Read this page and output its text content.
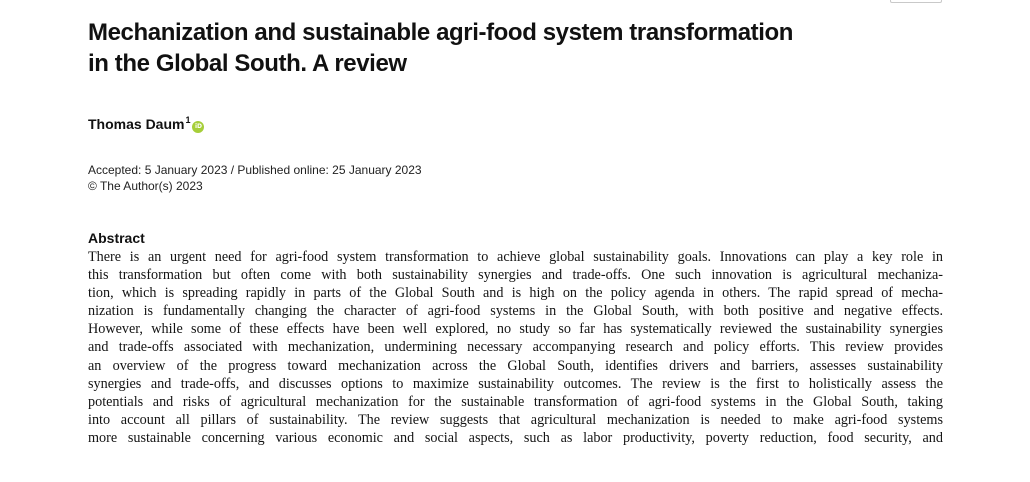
Mechanization and sustainable agri-food system transformation
in the Global South. A review
Thomas Daum$^1$iD
Accepted: 5 January 2023 / Published online: 25 January 2023
© The Author(s) 2023
Abstract
There is an urgent need for agri-food system transformation to achieve global sustainability goals. Innovations can play a key role in
this transformation but often come with both sustainability synergies and trade-offs. One such innovation is agricultural mechaniza-
tion, which is spreading rapidly in parts of the Global South and is high on the policy agenda in others. The rapid spread of mecha-
nization is fundamentally changing the character of agri-food systems in the Global South, with both positive and negative effects.
However, while some of these effects have been well explored, no study so far has systematically reviewed the sustainability synergies
and trade-offs associated with mechanization, undermining necessary accompanying research and policy efforts. This review provides
an overview of the progress toward mechanization across the Global South, identifies drivers and barriers, assesses sustainability
synergies and trade-offs, and discusses options to maximize sustainability outcomes. The review is the first to holistically assess the
potentials and risks of agricultural mechanization for the sustainable transformation of agri-food systems in the Global South, taking
into account all pillars of sustainability. The review suggests that agricultural mechanization is needed to make agri-food systems
more sustainable concerning various economic and social aspects, such as labor productivity, poverty reduction, food security, and
